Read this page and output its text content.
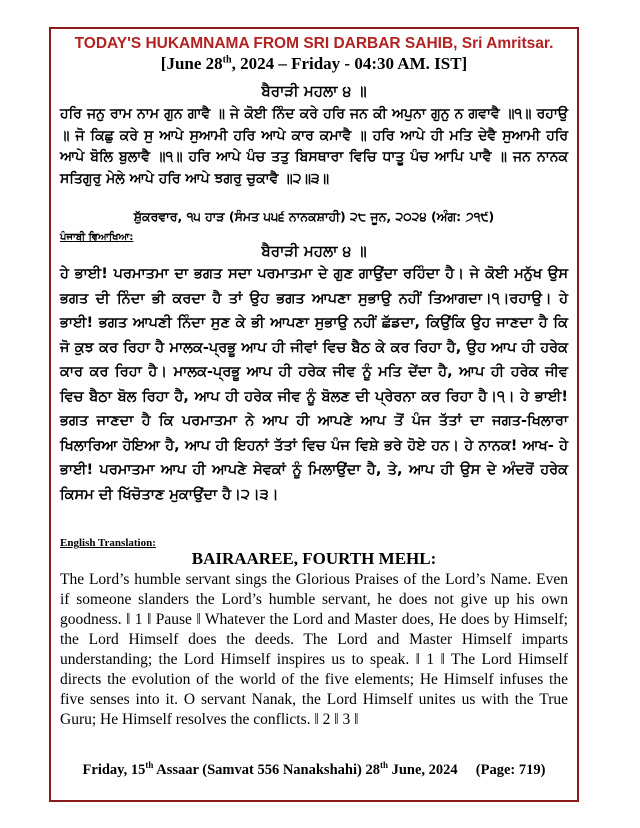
TODAY'S HUKAMNAMA FROM SRI DARBAR SAHIB, Sri Amritsar.
[June 28th, 2024 – Friday - 04:30 AM. IST]
ਬੈਰਾੜੀ ਮਹਲਾ ੪ ॥
ਹਰਿ ਜਨੁ ਰਾਮ ਨਾਮ ਗੁਨ ਗਾਵੈ ॥ ਜੇ ਕੋਈ ਨਿੰਦ ਕਰੇ ਹਰਿ ਜਨ ਕੀ ਅਪੁਨਾ ਗੁਨੁ ਨ ਗਵਾਵੈ ॥੧॥ ਰਹਾਉ ॥ ਜੋ ਕਿਛੁ ਕਰੇ ਸੁ ਆਪੇ ਸੁਆਮੀ ਹਰਿ ਆਪੇ ਕਾਰ ਕਮਾਵੈ ॥ ਹਰਿ ਆਪੇ ਹੀ ਮਤਿ ਦੇਵੈ ਸੁਆਮੀ ਹਰਿ ਆਪੇ ਬੋਲਿ ਬੁਲਾਵੈ ॥੧॥ ਹਰਿ ਆਪੇ ਪੰਚ ਤਤੁ ਬਿਸਥਾਰਾ ਵਿਚਿ ਧਾਤੂ ਪੰਚ ਆਪਿ ਪਾਵੈ ॥ ਜਨ ਨਾਨਕ ਸਤਿਗੁਰੁ ਮੇਲੇ ਆਪੇ ਹਰਿ ਆਪੇ ਝਗਰੁ ਚੁਕਾਵੈ ॥੨॥੩॥
ਸ਼ੁੱਕਰਵਾਰ, ੧੫ ਹਾੜ (ਸੰਮਤ ੫੫੬ ਨਾਨਕਸ਼ਾਹੀ) ੨੮ ਜੂਨ, ੨੦੨੪ (ਅੰਗ: ੭੧੯)
ਪੰਜਾਬੀ ਵਿਆਖਿਆ:
ਬੈਰਾੜੀ ਮਹਲਾ ੪ ॥
ਹੇ ਭਾਈ! ਪਰਮਾਤਮਾ ਦਾ ਭਗਤ ਸਦਾ ਪਰਮਾਤਮਾ ਦੇ ਗੁਣ ਗਾਉਂਦਾ ਰਹਿੰਦਾ ਹੈ। ਜੇ ਕੋਈ ਮਨੁੱਖ ਉਸ ਭਗਤ ਦੀ ਨਿੰਦਾ ਭੀ ਕਰਦਾ ਹੈ ਤਾਂ ਉਹ ਭਗਤ ਆਪਣਾ ਸੁਭਾਉ ਨਹੀਂ ਤਿਆਗਦਾ।੧।ਰਹਾਉ। ਹੇ ਭਾਈ! ਭਗਤ ਆਪਣੀ ਨਿੰਦਾ ਸੁਣ ਕੇ ਭੀ ਆਪਣਾ ਸੁਭਾਉ ਨਹੀਂ ਛੱਡਦਾ, ਕਿਉਂਕਿ ਉਹ ਜਾਣਦਾ ਹੈ ਕਿ ਜੋ ਕੁਝ ਕਰ ਰਿਹਾ ਹੈ ਮਾਲਕ-ਪ੍ਰਭੂ ਆਪ ਹੀ ਜੀਵਾਂ ਵਿਚ ਬੈਠ ਕੇ ਕਰ ਰਿਹਾ ਹੈ, ਉਹ ਆਪ ਹੀ ਹਰੇਕ ਕਾਰ ਕਰ ਰਿਹਾ ਹੈ। ਮਾਲਕ-ਪ੍ਰਭੂ ਆਪ ਹੀ ਹਰੇਕ ਜੀਵ ਨੂੰ ਮਤਿ ਦੇਂਦਾ ਹੈ, ਆਪ ਹੀ ਹਰੇਕ ਜੀਵ ਵਿਚ ਬੈਠਾ ਬੋਲ ਰਿਹਾ ਹੈ, ਆਪ ਹੀ ਹਰੇਕ ਜੀਵ ਨੂੰ ਬੋਲਣ ਦੀ ਪ੍ਰੇਰਨਾ ਕਰ ਰਿਹਾ ਹੈ।੧। ਹੇ ਭਾਈ! ਭਗਤ ਜਾਣਦਾ ਹੈ ਕਿ ਪਰਮਾਤਮਾ ਨੇ ਆਪ ਹੀ ਆਪਣੇ ਆਪ ਤੋਂ ਪੰਜ ਤੱਤਾਂ ਦਾ ਜਗਤ-ਖਿਲਾਰਾ ਖਿਲਾਰਿਆ ਹੋਇਆ ਹੈ, ਆਪ ਹੀ ਇਹਨਾਂ ਤੱਤਾਂ ਵਿਚ ਪੰਜ ਵਿਸ਼ੇ ਭਰੇ ਹੋਏ ਹਨ। ਹੇ ਨਾਨਕ! ਆਖ- ਹੇ ਭਾਈ! ਪਰਮਾਤਮਾ ਆਪ ਹੀ ਆਪਣੇ ਸੇਵਕਾਂ ਨੂੰ ਮਿਲਾਉਂਦਾ ਹੈ, ਤੇ, ਆਪ ਹੀ ਉਸ ਦੇ ਅੰਦਰੋਂ ਹਰੇਕ ਕਿਸਮ ਦੀ ਖਿੱਚੋਤਾਣ ਮੁਕਾਉਂਦਾ ਹੈ।੨।੩।
English Translation:
BAIRAAREE, FOURTH MEHL:
The Lord’s humble servant sings the Glorious Praises of the Lord’s Name. Even if someone slanders the Lord’s humble servant, he does not give up his own goodness. ‖ 1 ‖ Pause ‖ Whatever the Lord and Master does, He does by Himself; the Lord Himself does the deeds. The Lord and Master Himself imparts understanding; the Lord Himself inspires us to speak. ‖ 1 ‖ The Lord Himself directs the evolution of the world of the five elements; He Himself infuses the five senses into it. O servant Nanak, the Lord Himself unites us with the True Guru; He Himself resolves the conflicts. ‖ 2 ‖ 3 ‖
Friday, 15th Assaar (Samvat 556 Nanakshahi) 28th June, 2024 (Page: 719)
